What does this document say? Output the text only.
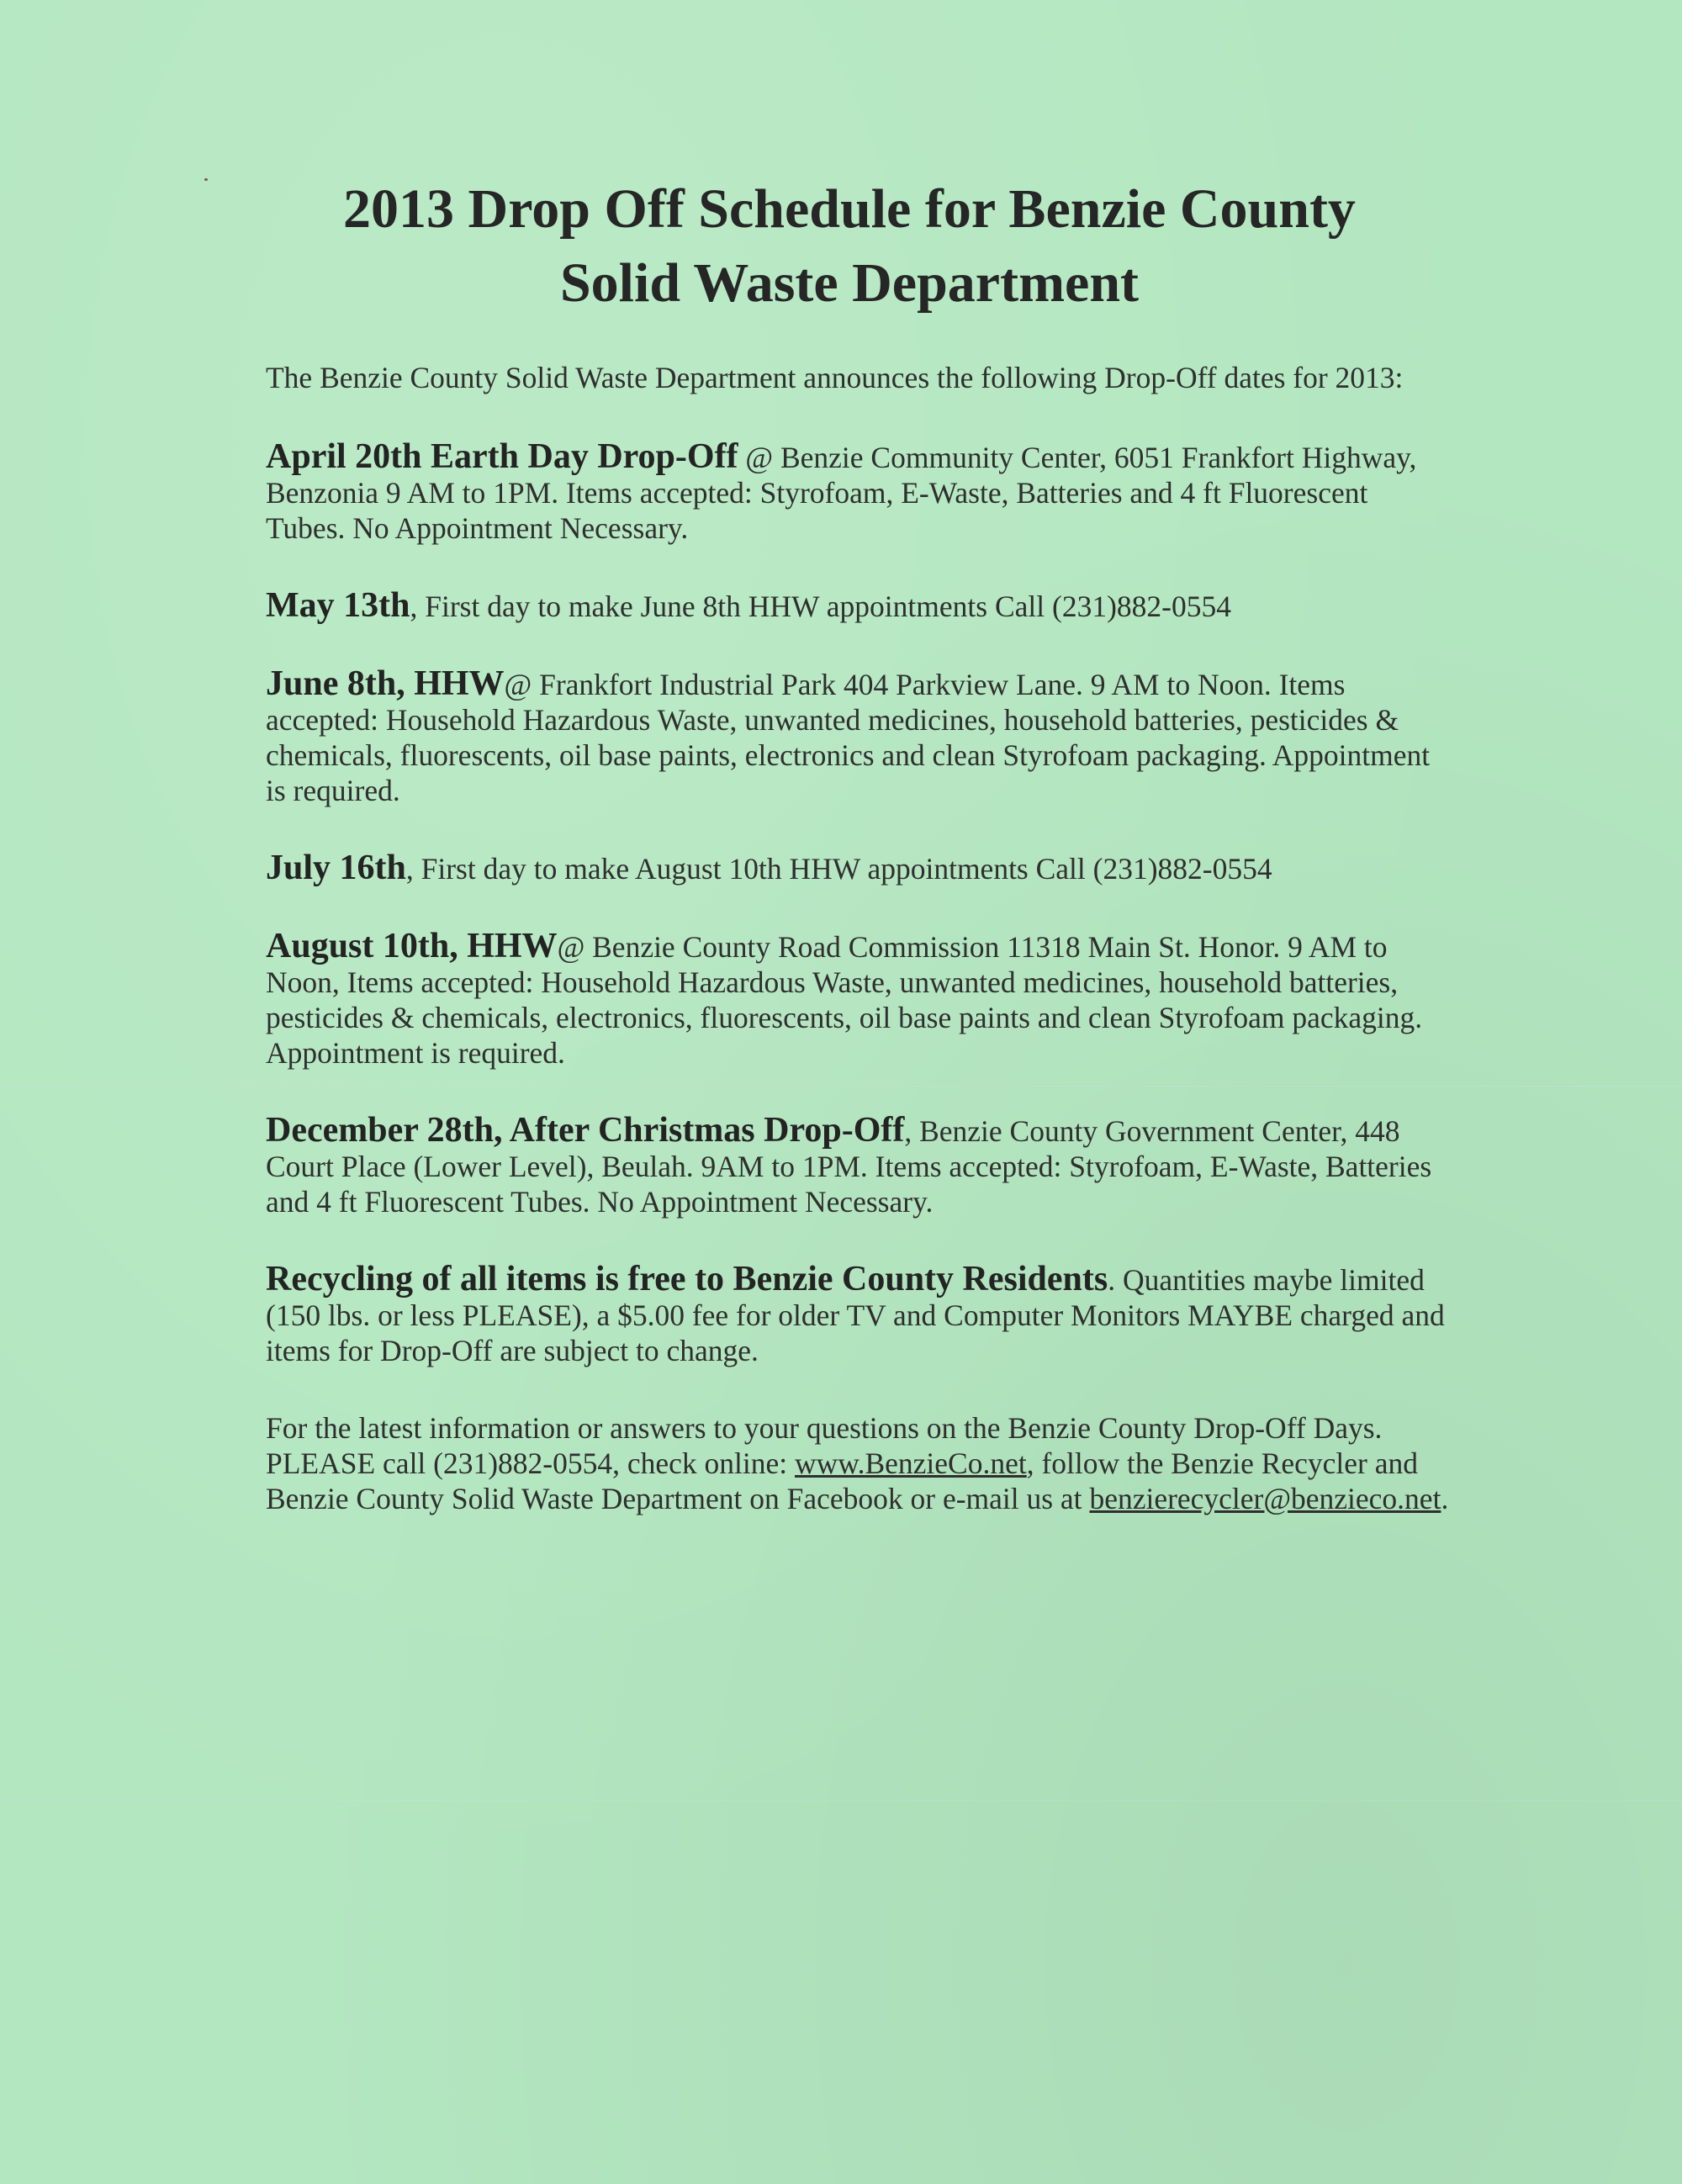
2013 Drop Off Schedule for Benzie County
Solid Waste Department

The Benzie County Solid Waste Department announces the following Drop-Off dates for 2013:

April 20th Earth Day Drop-Off @ Benzie Community Center, 6051 Frankfort Highway, Benzonia 9 AM to 1PM. Items accepted: Styrofoam, E-Waste, Batteries and 4 ft Fluorescent Tubes. No Appointment Necessary.

May 13th, First day to make June 8th HHW appointments Call (231)882-0554

June 8th, HHW@ Frankfort Industrial Park 404 Parkview Lane. 9 AM to Noon. Items accepted: Household Hazardous Waste, unwanted medicines, household batteries, pesticides & chemicals, fluorescents, oil base paints, electronics and clean Styrofoam packaging. Appointment is required.

July 16th, First day to make August 10th HHW appointments Call (231)882-0554

August 10th, HHW@ Benzie County Road Commission 11318 Main St. Honor. 9 AM to Noon, Items accepted: Household Hazardous Waste, unwanted medicines, household batteries, pesticides & chemicals, electronics, fluorescents, oil base paints and clean Styrofoam packaging. Appointment is required.

December 28th, After Christmas Drop-Off, Benzie County Government Center, 448 Court Place (Lower Level), Beulah. 9AM to 1PM. Items accepted: Styrofoam, E-Waste, Batteries and 4 ft Fluorescent Tubes. No Appointment Necessary.

Recycling of all items is free to Benzie County Residents. Quantities maybe limited (150 lbs. or less PLEASE), a $5.00 fee for older TV and Computer Monitors MAYBE charged and items for Drop-Off are subject to change.

For the latest information or answers to your questions on the Benzie County Drop-Off Days. PLEASE call (231)882-0554, check online: www.BenzieCo.net, follow the Benzie Recycler and Benzie County Solid Waste Department on Facebook or e-mail us at benzierecycler@benzieco.net.
